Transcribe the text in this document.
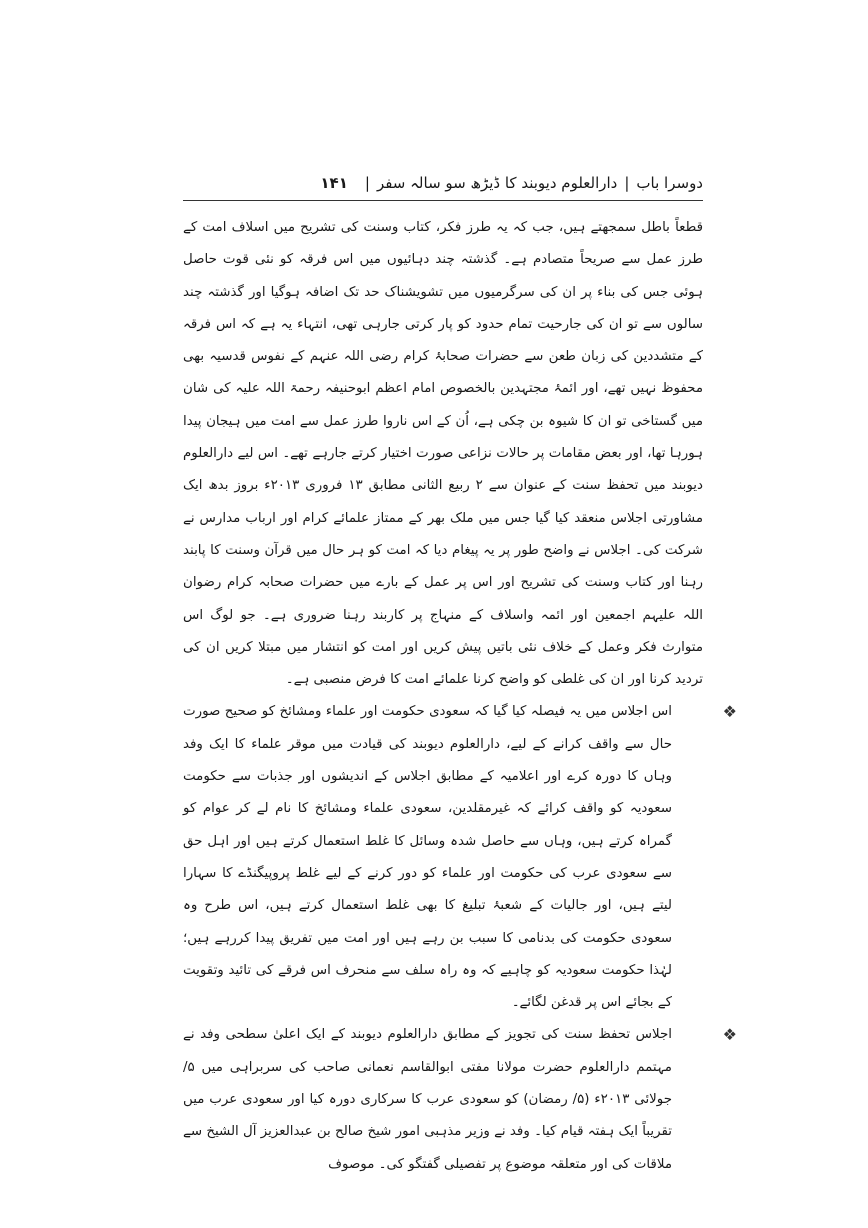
دوسرا باب|دارالعلوم دیوبند کا ڈیڑھ سو سالہ سفر|۱۴۱

قطعاً باطل سمجھتے ہیں، جب کہ یہ طرز فکر، کتاب وسنت کی تشریح میں اسلاف امت کے طرز عمل سے صریحاً متصادم ہے۔ گذشتہ چند دہائیوں میں اس فرقہ کو نئی قوت حاصل ہوئی جس کی بناء پر ان کی سرگرمیوں میں تشویشناک حد تک اضافہ ہوگیا اور گذشتہ چند سالوں سے تو ان کی جارحیت تمام حدود کو پار کرتی جارہی تھی، انتہاء یہ ہے کہ اس فرقہ کے متشددین کی زبان طعن سے حضرات صحابۂ کرام رضی اللہ عنہم کے نفوس قدسیہ بھی محفوظ نہیں تھے، اور ائمۂ مجتہدین بالخصوص امام اعظم ابوحنیفہ رحمۃ اللہ علیہ کی شان میں گستاخی تو ان کا شیوہ بن چکی ہے، اُن کے اس ناروا طرز عمل سے امت میں ہیجان پیدا ہورہا تھا، اور بعض مقامات پر حالات نزاعی صورت اختیار کرتے جارہے تھے۔ اس لیے دارالعلوم دیوبند میں تحفظ سنت کے عنوان سے ۲ ربیع الثانی مطابق ۱۳ فروری ۲۰۱۳ء بروز بدھ ایک مشاورتی اجلاس منعقد کیا گیا جس میں ملک بھر کے ممتاز علمائے کرام اور ارباب مدارس نے شرکت کی۔ اجلاس نے واضح طور پر یہ پیغام دیا کہ امت کو ہر حال میں قرآن وسنت کا پابند رہنا اور کتاب وسنت کی تشریح اور اس پر عمل کے بارے میں حضرات صحابہ کرام رضوان اللہ علیہم اجمعین اور ائمہ واسلاف کے منہاج پر کاربند رہنا ضروری ہے۔ جو لوگ اس متوارث فکر وعمل کے خلاف نئی باتیں پیش کریں اور امت کو انتشار میں مبتلا کریں ان کی تردید کرنا اور ان کی غلطی کو واضح کرنا علمائے امت کا فرض منصبی ہے۔

❖
اس اجلاس میں یہ فیصلہ کیا گیا کہ سعودی حکومت اور علماء ومشائخ کو صحیح صورت حال سے واقف کرانے کے لیے، دارالعلوم دیوبند کی قیادت میں موقر علماء کا ایک وفد وہاں کا دورہ کرے اور اعلامیہ کے مطابق اجلاس کے اندیشوں اور جذبات سے حکومت سعودیہ کو واقف کرائے کہ غیرمقلدین، سعودی علماء ومشائخ کا نام لے کر عوام کو گمراہ کرتے ہیں، وہاں سے حاصل شدہ وسائل کا غلط استعمال کرتے ہیں اور اہل حق سے سعودی عرب کی حکومت اور علماء کو دور کرنے کے لیے غلط پروپیگنڈے کا سہارا لیتے ہیں، اور جالیات کے شعبۂ تبلیغ کا بھی غلط استعمال کرتے ہیں، اس طرح وہ سعودی حکومت کی بدنامی کا سبب بن رہے ہیں اور امت میں تفریق پیدا کررہے ہیں؛ لہٰذا حکومت سعودیہ کو چاہیے کہ وہ راہ سلف سے منحرف اس فرقے کی تائید وتقویت کے بجائے اس پر قدغن لگائے۔
❖
اجلاس تحفظ سنت کی تجویز کے مطابق دارالعلوم دیوبند کے ایک اعلیٰ سطحی وفد نے مہتمم دارالعلوم حضرت مولانا مفتی ابوالقاسم نعمانی صاحب کی سربراہی میں ۵/ جولائی ۲۰۱۳ء (۵/ رمضان) کو سعودی عرب کا سرکاری دورہ کیا اور سعودی عرب میں تقریباً ایک ہفتہ قیام کیا۔ وفد نے وزیر مذہبی امور شیخ صالح بن عبدالعزیز آل الشیخ سے ملاقات کی اور متعلقہ موضوع پر تفصیلی گفتگو کی۔ موصوف
